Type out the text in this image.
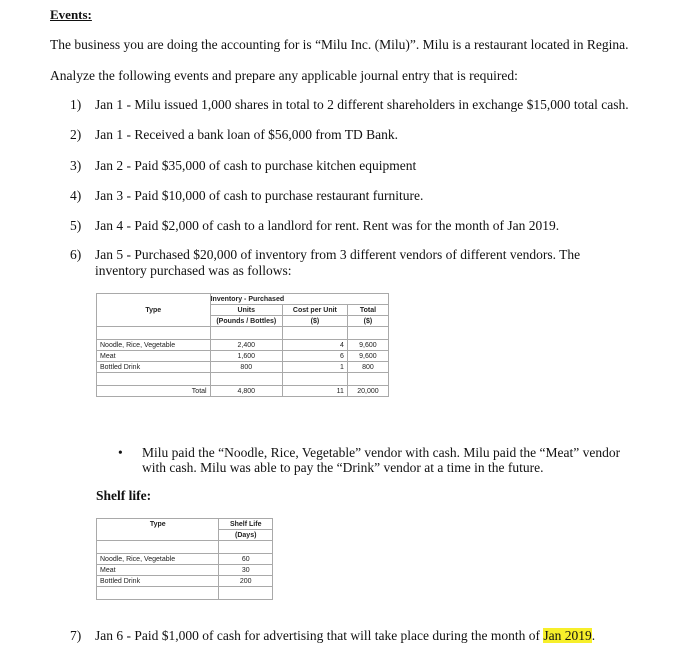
Events:
The business you are doing the accounting for is “Milu Inc. (Milu)”. Milu is a restaurant located in Regina.
Analyze the following events and prepare any applicable journal entry that is required:
1) Jan 1 - Milu issued 1,000 shares in total to 2 different shareholders in exchange $15,000 total cash.
2) Jan 1 - Received a bank loan of $56,000 from TD Bank.
3) Jan 2 - Paid $35,000 of cash to purchase kitchen equipment
4) Jan 3 - Paid $10,000 of cash to purchase restaurant furniture.
5) Jan 4 - Paid $2,000 of cash to a landlord for rent. Rent was for the month of Jan 2019.
6) Jan 5 - Purchased $20,000 of inventory from 3 different vendors of different vendors. The
inventory purchased was as follows:
	Inventory - Purchased		
Type	Units	Cost per Unit	Total
	(Pounds / Bottles)	($)	($)

Noodle, Rice, Vegetable	2,400	4	9,600
Meat	1,600	6	9,600
Bottled Drink	800	1	800

Total	4,800	11	20,000
• Milu paid the “Noodle, Rice, Vegetable” vendor with cash. Milu paid the “Meat” vendor
with cash. Milu was able to pay the “Drink” vendor at a time in the future.
Shelf life:
Type	Shelf Life
	(Days)

Noodle, Rice, Vegetable	60
Meat	30
Bottled Drink	200

7) Jan 6 - Paid $1,000 of cash for advertising that will take place during the month of Jan 2019.
